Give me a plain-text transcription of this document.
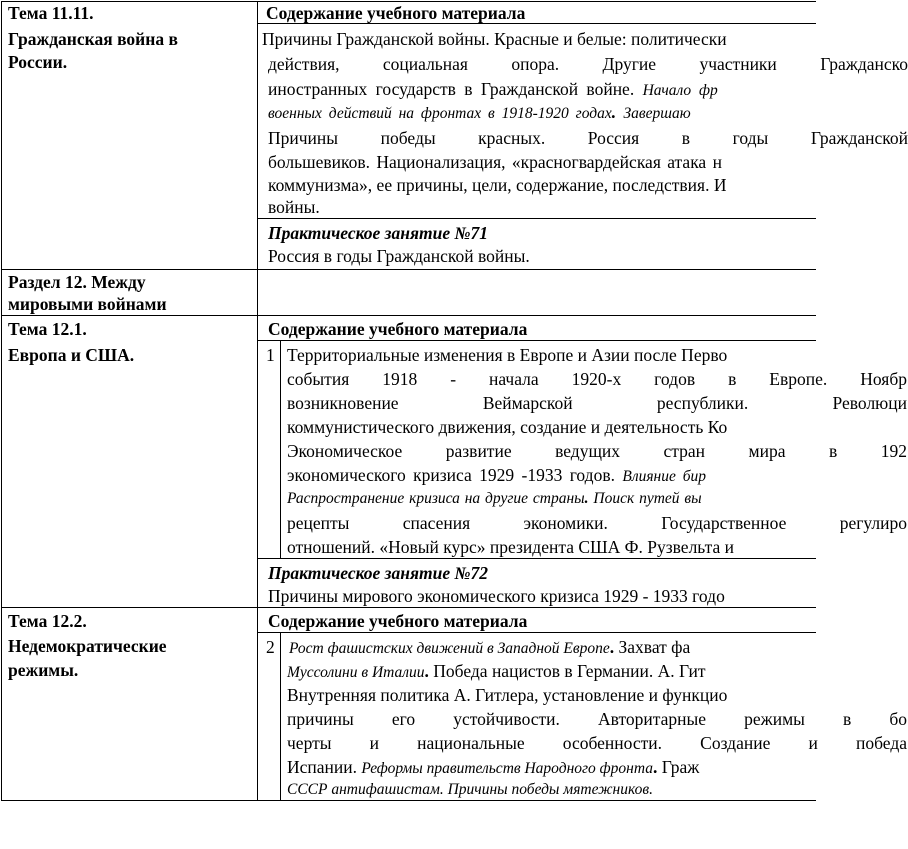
Тема 11.11.
Гражданская война в
России.
Содержание учебного материала
Причины Гражданской войны. Красные и белые: политически
действия, социальная опора. Другие участники Гражданско
иностранных государств в Гражданской войне. Начало фр
военных действий на фронтах в 1918-1920 годах. Завершаю
Причины победы красных. Россия в годы Гражданской
большевиков. Национализация, «красногвардейская атака н
коммунизма», ее причины, цели, содержание, последствия. И
войны.
Практическое занятие №71
Россия в годы Гражданской войны.
Раздел 12. Между
мировыми войнами
Тема 12.1.
Европа и США.
Содержание учебного материала
1 Территориальные изменения в Европе и Азии после Перво
события 1918 - начала 1920-х годов в Европе. Ноябр
возникновение Веймарской республики. Революци
коммунистического движения, создание и деятельность Ко
Экономическое развитие ведущих стран мира в 192
экономического кризиса 1929 -1933 годов. Влияние бир
Распространение кризиса на другие страны. Поиск путей вы
рецепты спасения экономики. Государственное регулиро
отношений. «Новый курс» президента США Ф. Рузвельта и
Практическое занятие №72
Причины мирового экономического кризиса 1929 - 1933 годо
Тема 12.2.
Недемократические
режимы.
Содержание учебного материала
2 Рост фашистских движений в Западной Европе. Захват фа
Муссолини в Италии. Победа нацистов в Германии. А. Гит
Внутренняя политика А. Гитлера, установление и функцио
причины его устойчивости. Авторитарные режимы в бо
черты и национальные особенности. Создание и победа
Испании. Реформы правительств Народного фронта. Граж
СССР антифашистам. Причины победы мятежников.
